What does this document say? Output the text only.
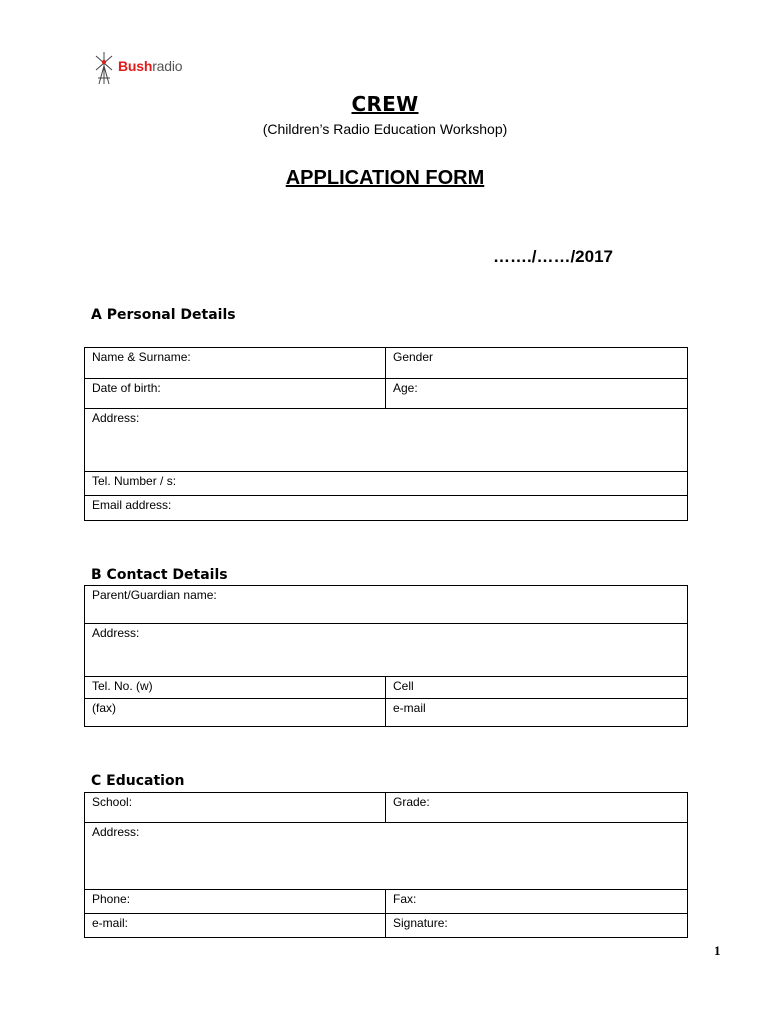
Bushradio
CREW
(Children’s Radio Education Workshop)
APPLICATION FORM
……./……/2017
A Personal Details
Name & Surname:	Gender
Date of birth:	Age:
Address:	
Tel. Number / s:	
Email address:	
B Contact Details
Parent/Guardian name:	
Address:	
Tel. No. (w)	Cell
(fax)	e-mail
C Education
School:	Grade:
Address:	
Phone:	Fax:
e-mail:	Signature:
1
